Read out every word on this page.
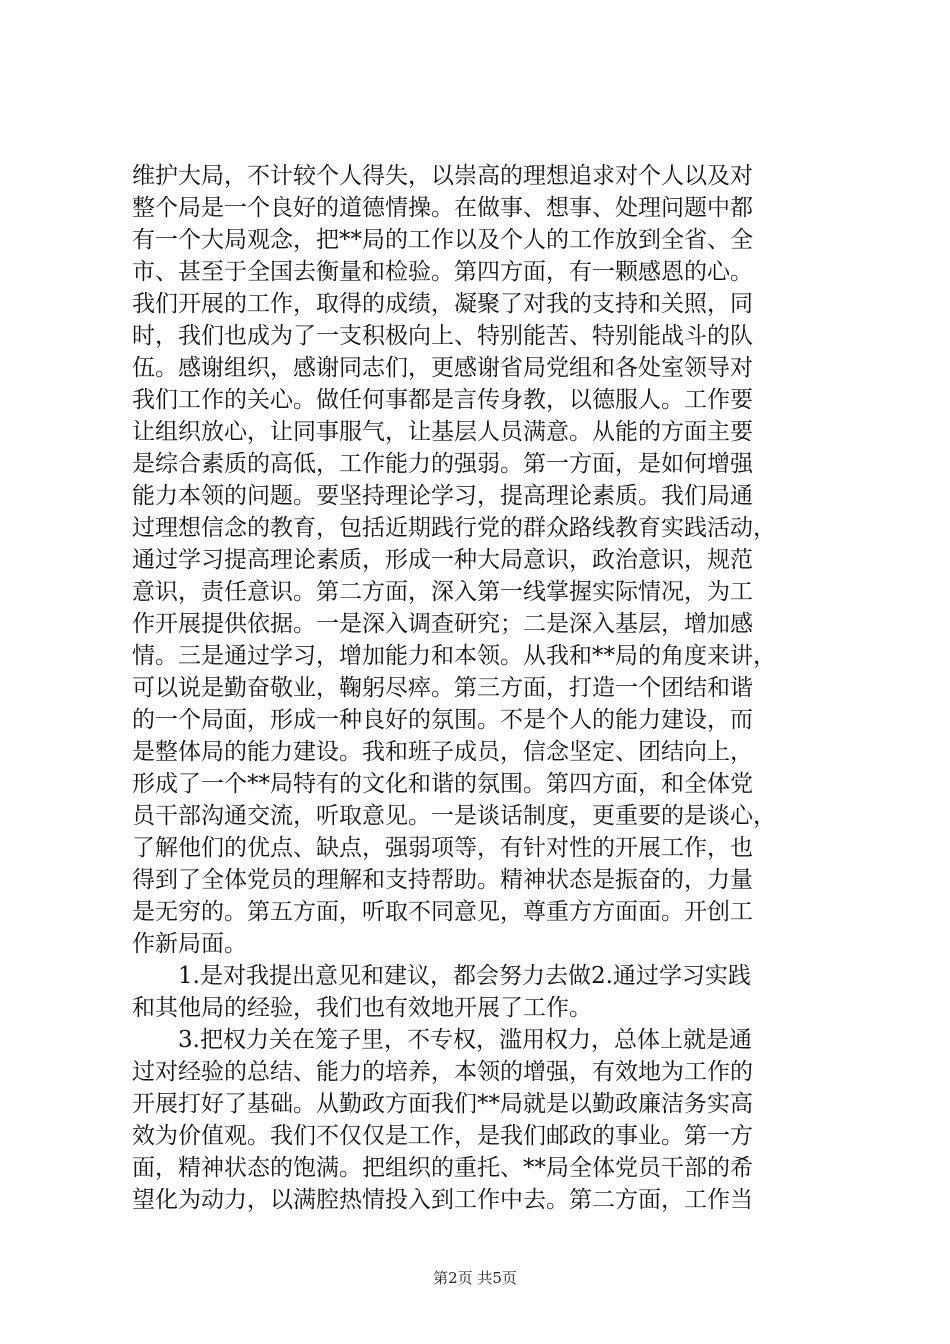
维护大局，不计较个人得失，以崇高的理想追求对个人以及对
整个局是一个良好的道德情操。在做事、想事、处理问题中都
有一个大局观念，把**局的工作以及个人的工作放到全省、全
市、甚至于全国去衡量和检验。第四方面，有一颗感恩的心。
我们开展的工作，取得的成绩，凝聚了对我的支持和关照，同
时，我们也成为了一支积极向上、特别能苦、特别能战斗的队
伍。感谢组织，感谢同志们，更感谢省局党组和各处室领导对
我们工作的关心。做任何事都是言传身教，以德服人。工作要
让组织放心，让同事服气，让基层人员满意。从能的方面主要
是综合素质的高低，工作能力的强弱。第一方面，是如何增强
能力本领的问题。要坚持理论学习，提高理论素质。我们局通
过理想信念的教育，包括近期践行党的群众路线教育实践活动，
通过学习提高理论素质，形成一种大局意识，政治意识，规范
意识，责任意识。第二方面，深入第一线掌握实际情况，为工
作开展提供依据。一是深入调查研究；二是深入基层，增加感
情。三是通过学习，增加能力和本领。从我和**局的角度来讲，
可以说是勤奋敬业，鞠躬尽瘁。第三方面，打造一个团结和谐
的一个局面，形成一种良好的氛围。不是个人的能力建设，而
是整体局的能力建设。我和班子成员，信念坚定、团结向上，
形成了一个**局特有的文化和谐的氛围。第四方面，和全体党
员干部沟通交流，听取意见。一是谈话制度，更重要的是谈心，
了解他们的优点、缺点，强弱项等，有针对性的开展工作，也
得到了全体党员的理解和支持帮助。精神状态是振奋的，力量
是无穷的。第五方面，听取不同意见，尊重方方面面。开创工
作新局面。
　　1.是对我提出意见和建议，都会努力去做2.通过学习实践
和其他局的经验，我们也有效地开展了工作。
　　3.把权力关在笼子里，不专权，滥用权力，总体上就是通
过对经验的总结、能力的培养，本领的增强，有效地为工作的
开展打好了基础。从勤政方面我们**局就是以勤政廉洁务实高
效为价值观。我们不仅仅是工作，是我们邮政的事业。第一方
面，精神状态的饱满。把组织的重托、**局全体党员干部的希
望化为动力，以满腔热情投入到工作中去。第二方面，工作当
第2页 共5页
